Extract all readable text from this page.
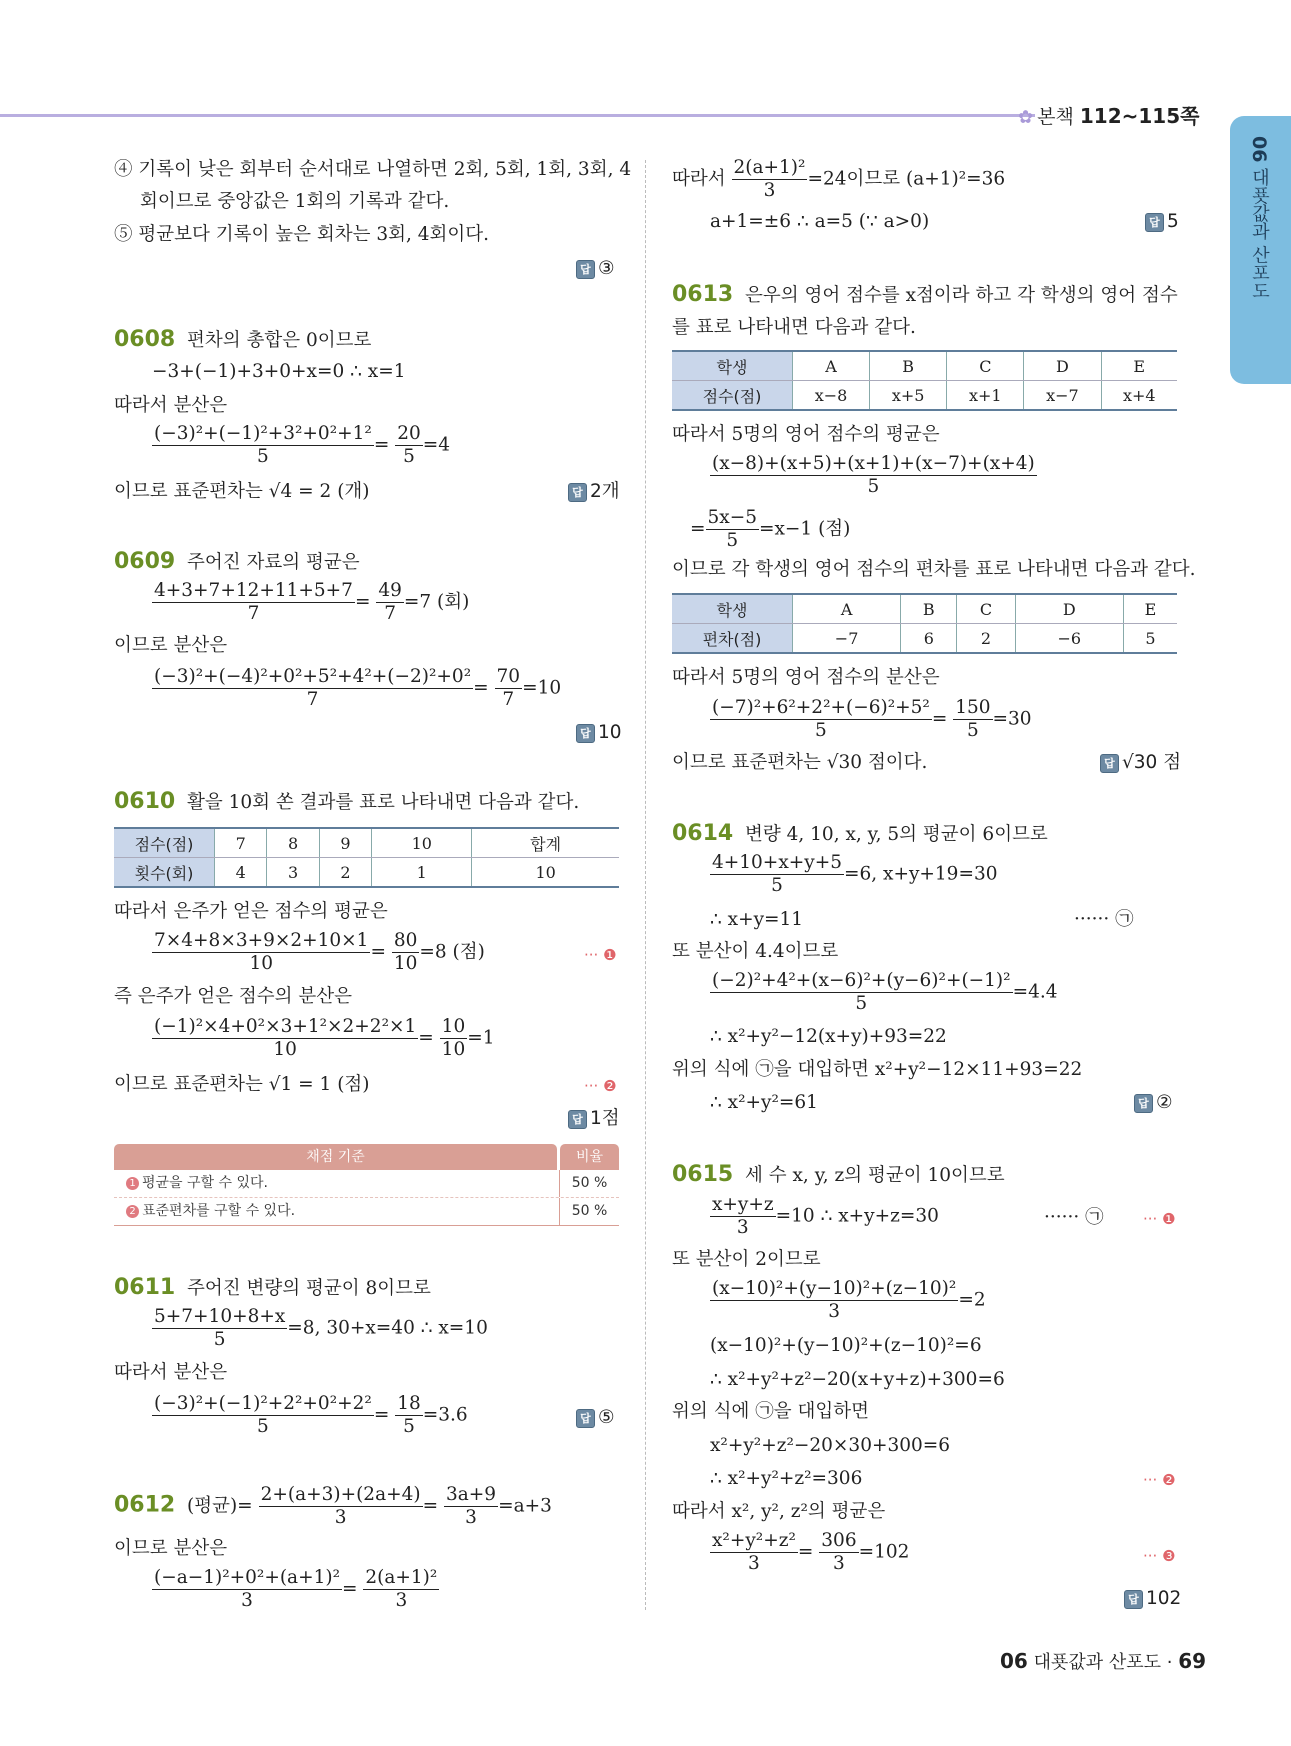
✿ 본책 112~115쪽
06 대푯값과 산포도
④ 기록이 낮은 회부터 순서대로 나열하면 2회, 5회, 1회, 3회, 4
회이므로 중앙값은 1회의 기록과 같다.
⑤ 평균보다 기록이 높은 회차는 3회, 4회이다.
답 ③
0608 편차의 총합은 0이므로
−3+(−1)+3+0+x=0 ∴ x=1
따라서 분산은
$\frac{\text{(−3)²+(−1)²+3²+0²+1²}}{5} = \frac{20}{5} =4$
이므로 표준편차는 √4 = 2 (개)	답 2개
0609 주어진 자료의 평균은
$\frac{4+3+7+12+11+5+7}{7} = \frac{49}{7} =7$ (회)
이므로 분산은
$\frac{\text{(−3)²+(−4)²+0²+5²+4²+(−2)²+0²}}{7} = \frac{70}{7} =10$
답 10
0610 활을 10회 쏜 결과를 표로 나타내면 다음과 같다.
점수(점)	7	8	9	10	합계
횟수(회)	4	3	2	1	10
따라서 은주가 얻은 점수의 평균은
$\frac{7\times 4+8\times 3+9\times 2+10\times 1}{10} = \frac{80}{10} =8$ (점)	··· ❶
즉 은주가 얻은 점수의 분산은
$\frac{\text{(−1)²×4+0²×3+1²×2+2²×1}}{10} = \frac{10}{10} =1$
이므로 표준편차는 √1 = 1 (점)	··· ❷
답 1점
채점 기준	비율
1 평균을 구할 수 있다.	50 %
2 표준편차를 구할 수 있다.	50 %
0611 주어진 변량의 평균이 8이므로
$\frac{5+7+10+8+x}{5} =8$, 30+x=40 ∴ x=10
따라서 분산은
$\frac{\text{(−3)²+(−1)²+2²+0²+2²}}{5} = \frac{18}{5} =3.6$	답 ⑤
0612 (평균)= $\frac{2+(a+3)+(2a+4)}{3} = \frac{3a+9}{3} =a+3$
이므로 분산은
$\frac{\text{(−a−1)²+0²+(a+1)²}}{3} = \frac{\text{2(a+1)²}}{3}$
따라서 $\frac{\text{2(a+1)²}}{3} =24$이므로 (a+1)²=36
a+1=±6 ∴ a=5 (∵ a>0)	답 5
0613 은우의 영어 점수를 x점이라 하고 각 학생의 영어 점수
를 표로 나타내면 다음과 같다.
학생	A	B	C	D	E
점수(점)	x−8	x+5	x+1	x−7	x+4
따라서 5명의 영어 점수의 평균은
$\frac{(x-8)+(x+5)+(x+1)+(x-7)+(x+4)}{5}$
= $\frac{5x-5}{5} =x-1$ (점)
이므로 각 학생의 영어 점수의 편차를 표로 나타내면 다음과 같다.
학생	A	B	C	D	E
편차(점)	−7	6	2	−6	5
따라서 5명의 영어 점수의 분산은
$\frac{\text{(−7)²+6²+2²+(−6)²+5²}}{5} = \frac{150}{5} =30$
이므로 표준편차는 √30 점이다.	답 √30 점
0614 변량 4, 10, x, y, 5의 평균이 6이므로
$\frac{4+10+x+y+5}{5} =6$, x+y+19=30
∴ x+y=11	······ ㉠
또 분산이 4.4이므로
$\frac{\text{(−2)²+4²+(x−6)²+(y−6)²+(−1)²}}{5} =4.4$
∴ x²+y²−12(x+y)+93=22
위의 식에 ㉠을 대입하면 x²+y²−12×11+93=22
∴ x²+y²=61	답 ②
0615 세 수 x, y, z의 평균이 10이므로
$\frac{x+y+z}{3} =10$ ∴ x+y+z=30	······ ㉠	··· ❶
또 분산이 2이므로
$\frac{\text{(x−10)²+(y−10)²+(z−10)²}}{3} =2$
(x−10)²+(y−10)²+(z−10)²=6
∴ x²+y²+z²−20(x+y+z)+300=6
위의 식에 ㉠을 대입하면
x²+y²+z²−20×30+300=6
∴ x²+y²+z²=306	··· ❷
따라서 x², y², z²의 평균은
$\frac{\text{x²+y²+z²}}{3} = \frac{306}{3} =102$	··· ❸
답 102
06 대푯값과 산포도 · 69
